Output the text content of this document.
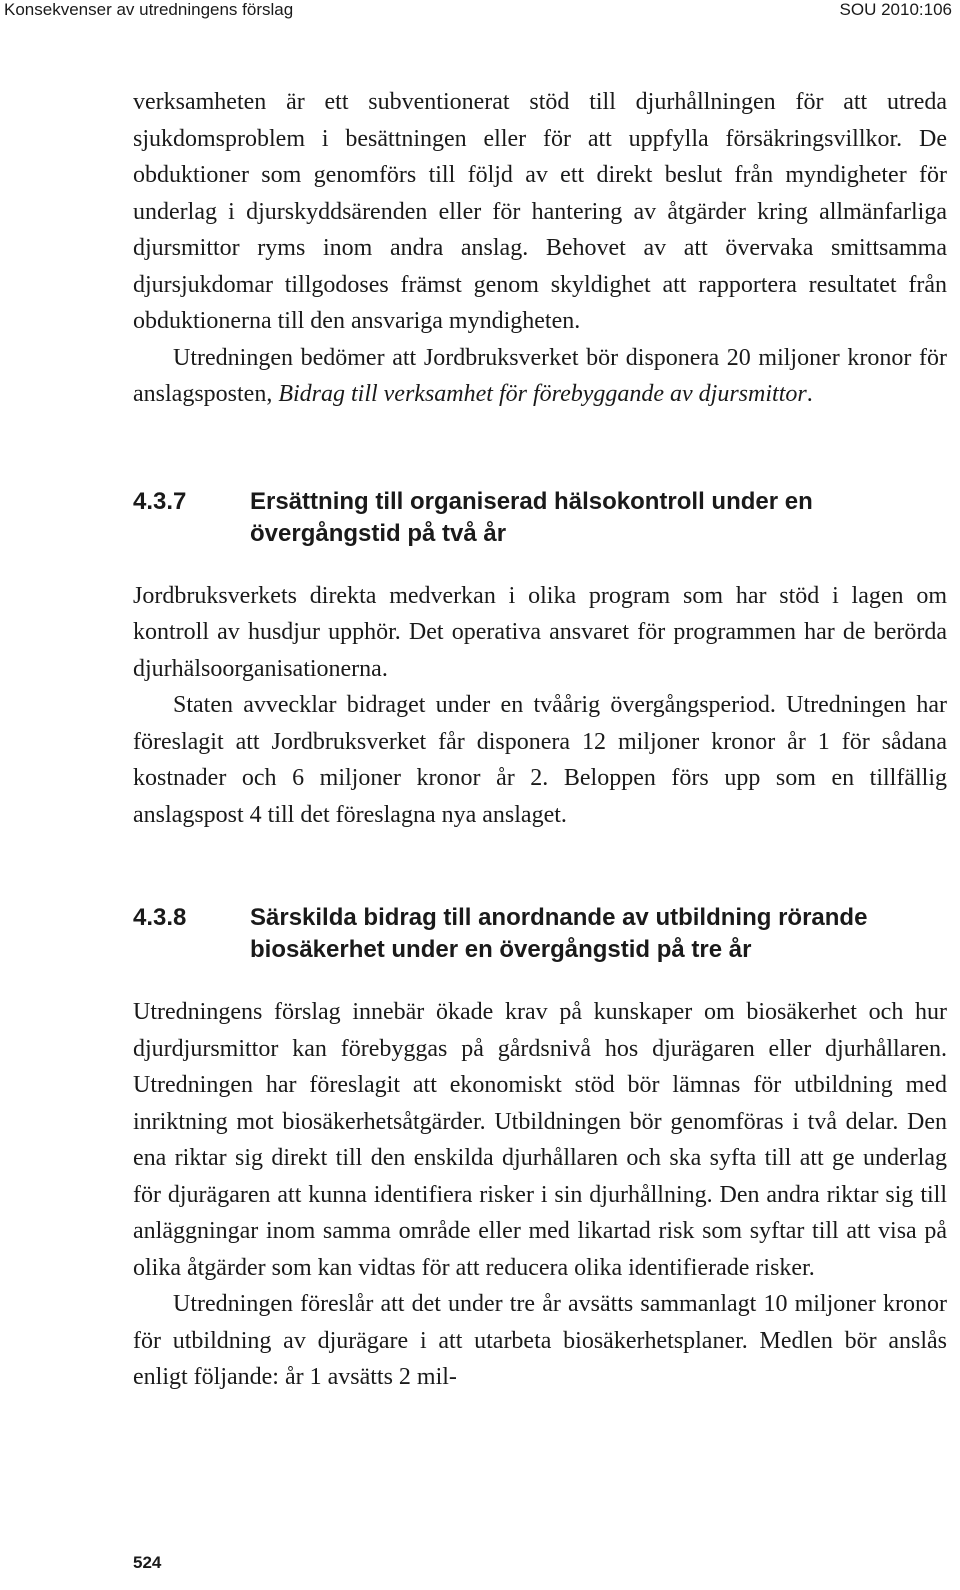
Konsekvenser av utredningens förslag	SOU 2010:106

verksamheten är ett subventionerat stöd till djurhållningen för att utreda sjukdomsproblem i besättningen eller för att uppfylla försäkringsvillkor. De obduktioner som genomförs till följd av ett direkt beslut från myndigheter för underlag i djurskyddsärenden eller för hantering av åtgärder kring allmänfarliga djursmittor ryms inom andra anslag. Behovet av att övervaka smittsamma djursjukdomar tillgodoses främst genom skyldighet att rapportera resultatet från obduktionerna till den ansvariga myndigheten.

Utredningen bedömer att Jordbruksverket bör disponera 20 miljoner kronor för anslagsposten, Bidrag till verksamhet för förebyggande av djursmittor.

4.3.7	Ersättning till organiserad hälsokontroll under en övergångstid på två år

Jordbruksverkets direkta medverkan i olika program som har stöd i lagen om kontroll av husdjur upphör. Det operativa ansvaret för programmen har de berörda djurhälsoorganisationerna.

Staten avvecklar bidraget under en tvåårig övergångsperiod. Utredningen har föreslagit att Jordbruksverket får disponera 12 miljoner kronor år 1 för sådana kostnader och 6 miljoner kronor år 2. Beloppen förs upp som en tillfällig anslagspost 4 till det föreslagna nya anslaget.

4.3.8	Särskilda bidrag till anordnande av utbildning rörande biosäkerhet under en övergångstid på tre år

Utredningens förslag innebär ökade krav på kunskaper om biosäkerhet och hur djurdjursmittor kan förebyggas på gårdsnivå hos djurägaren eller djurhållaren. Utredningen har föreslagit att ekonomiskt stöd bör lämnas för utbildning med inriktning mot biosäkerhetsåtgärder. Utbildningen bör genomföras i två delar. Den ena riktar sig direkt till den enskilda djurhållaren och ska syfta till att ge underlag för djurägaren att kunna identifiera risker i sin djurhållning. Den andra riktar sig till anläggningar inom samma område eller med likartad risk som syftar till att visa på olika åtgärder som kan vidtas för att reducera olika identifierade risker.

Utredningen föreslår att det under tre år avsätts sammanlagt 10 miljoner kronor för utbildning av djurägare i att utarbeta biosäkerhetsplaner. Medlen bör anslås enligt följande: år 1 avsätts 2 mil-

524
